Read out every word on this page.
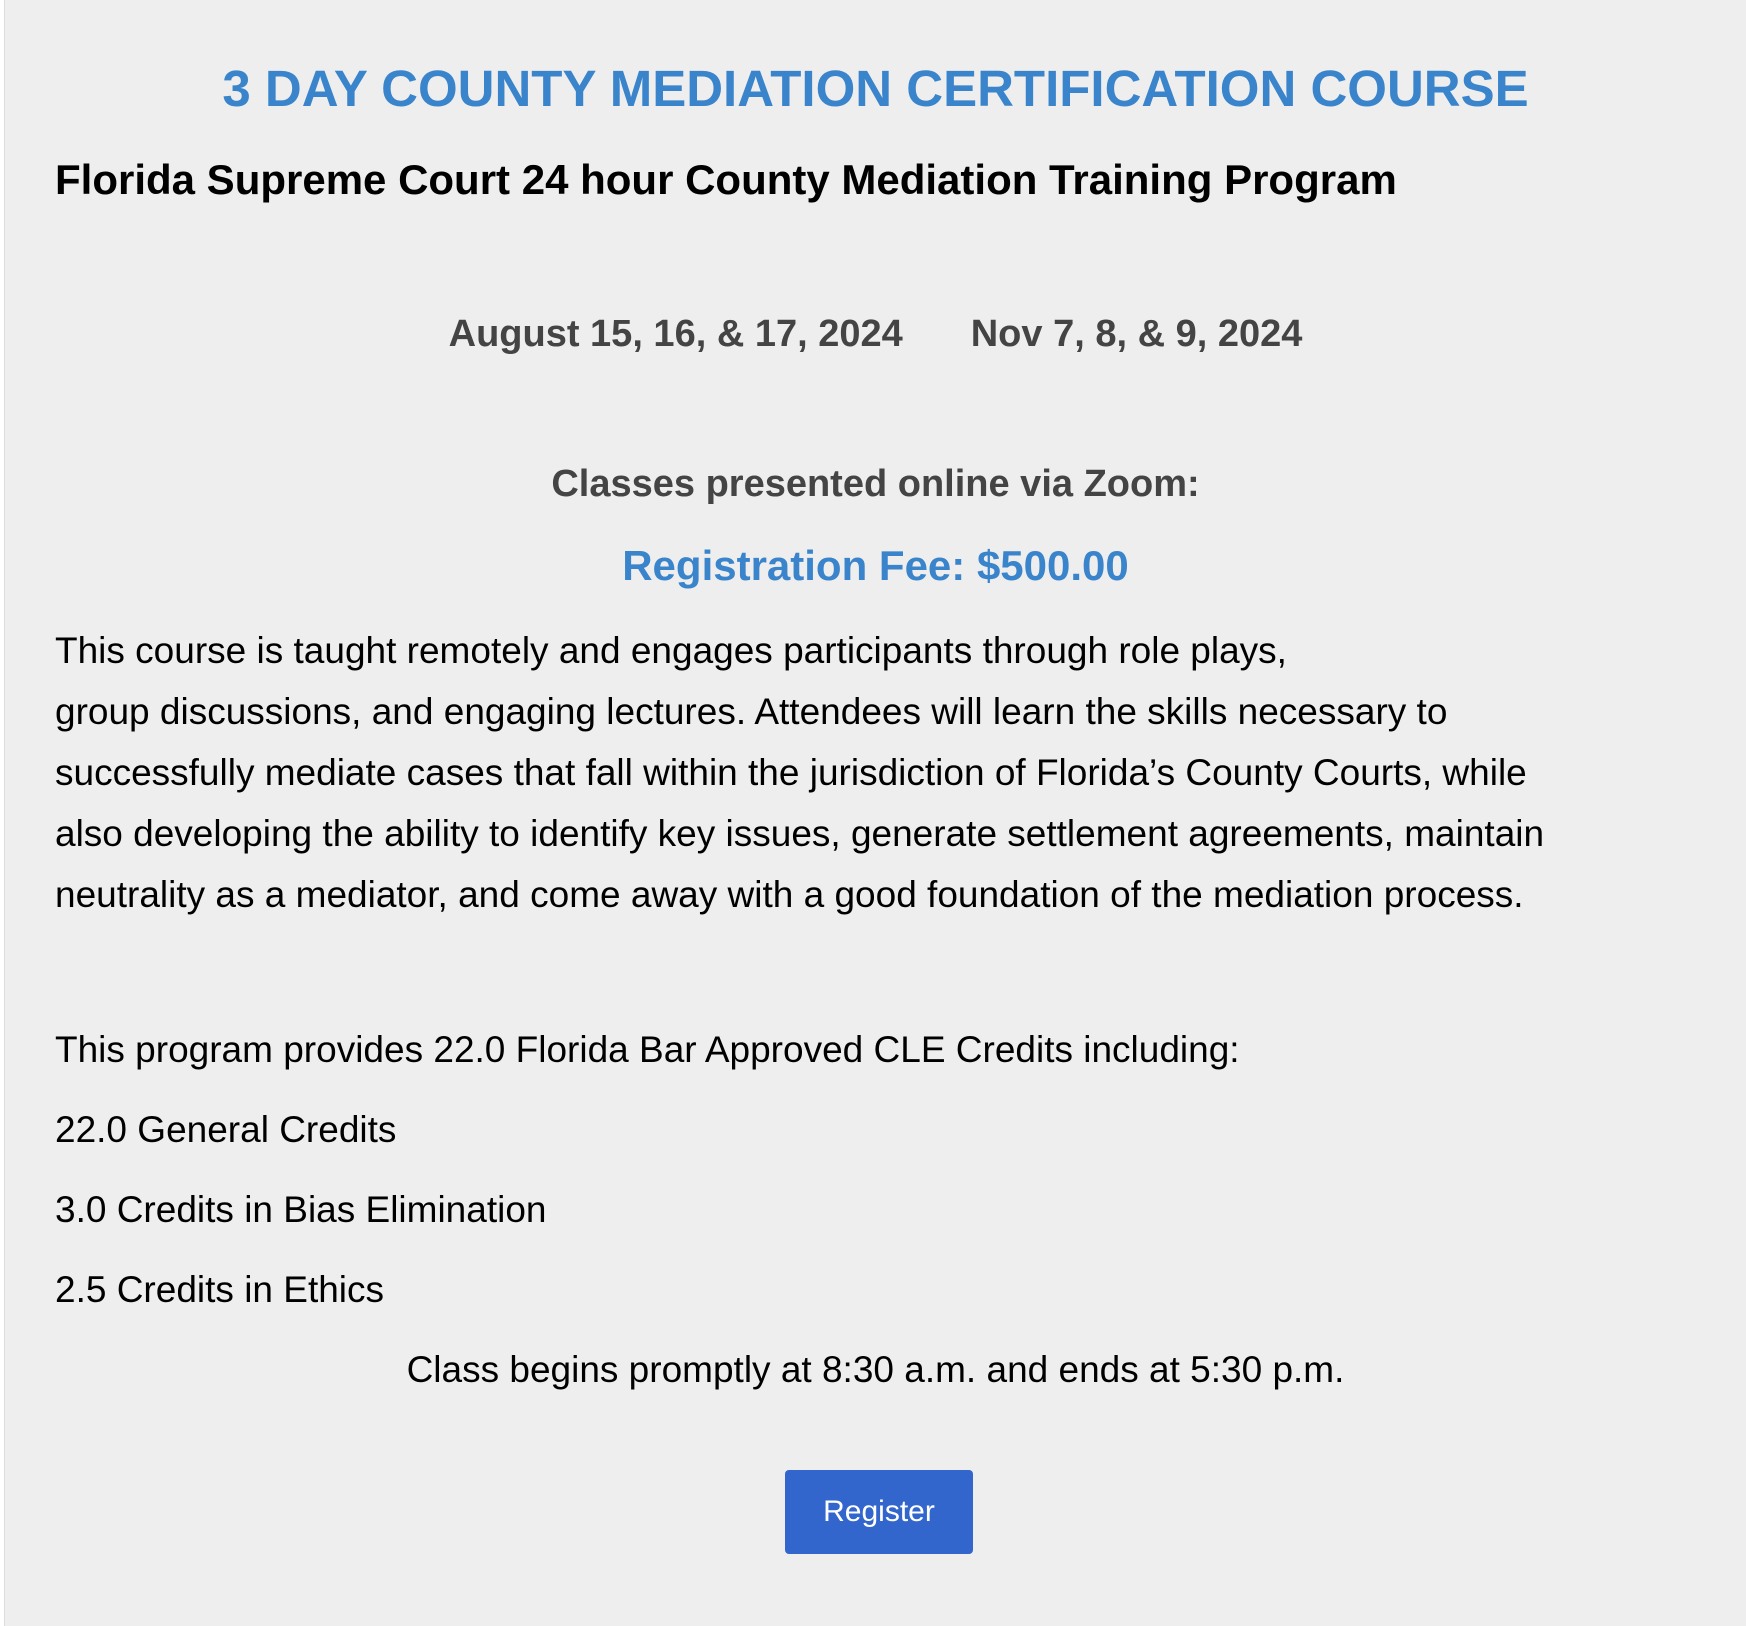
3 DAY COUNTY MEDIATION CERTIFICATION COURSE
Florida Supreme Court 24 hour County Mediation Training Program
August 15, 16, & 17, 2024 Nov 7, 8, & 9, 2024
Classes presented online via Zoom:
Registration Fee: $500.00

This course is taught remotely and engages participants through role plays,
group discussions, and engaging lectures. Attendees will learn the skills necessary to
successfully mediate cases that fall within the jurisdiction of Florida’s County Courts, while
also developing the ability to identify key issues, generate settlement agreements, maintain
neutrality as a mediator, and come away with a good foundation of the mediation process.

This program provides 22.0 Florida Bar Approved CLE Credits including:
22.0 General Credits
3.0 Credits in Bias Elimination
2.5 Credits in Ethics
Class begins promptly at 8:30 a.m. and ends at 5:30 p.m.
Register
